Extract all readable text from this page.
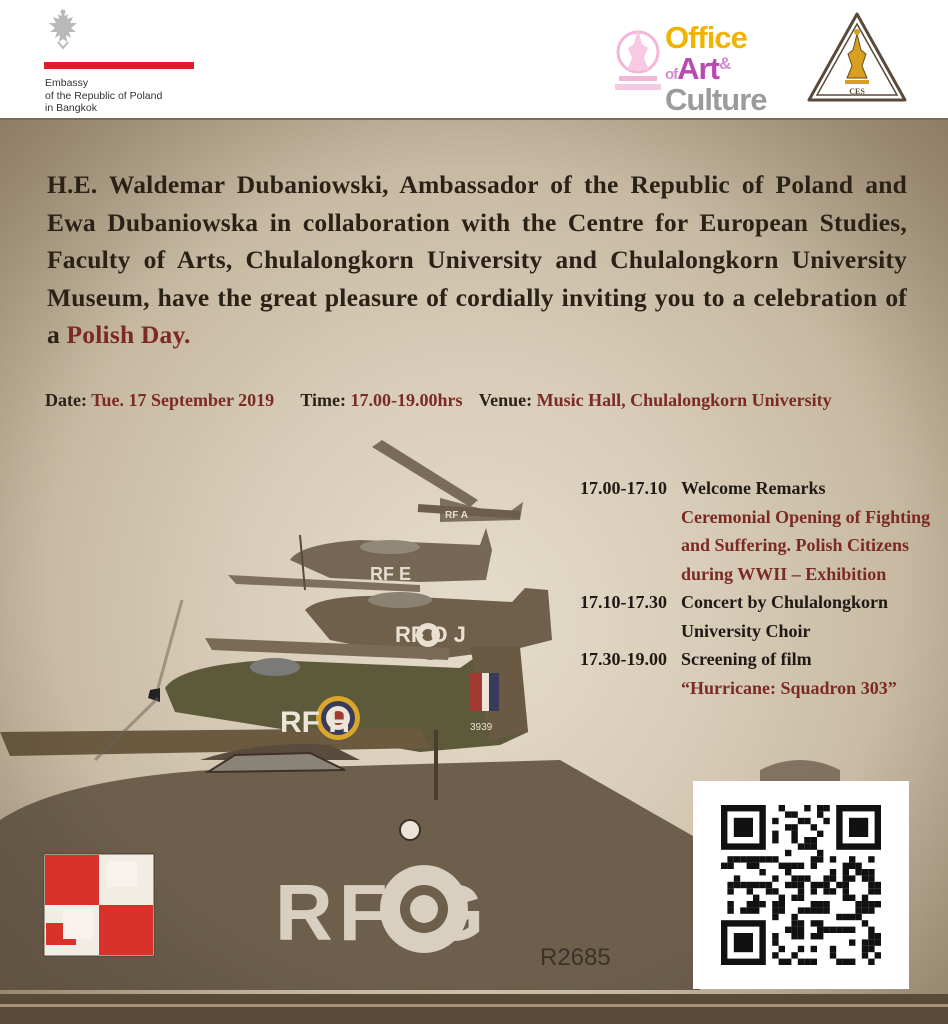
Embassy
of the Republic of Poland
in Bangkok
Office
ofArt&
Culture	CES
H.E. Waldemar Dubaniowski, Ambassador of the Republic of Poland and Ewa Dubaniowska in collaboration with the Centre for European Studies, Faculty of Arts, Chulalongkorn University and Chulalongkorn University Museum, have the great pleasure of cordially inviting you to a celebration of a Polish Day.
Date: Tue. 17 September 2019 Time: 17.00-19.00hrs Venue: Music Hall, Chulalongkorn University
17.00-17.10 Welcome Remarks
Ceremonial Opening of Fighting and Suffering. Polish Citizens during WWII – Exhibition
17.10-17.30 Concert by Chulalongkorn University Choir
17.30-19.00 Screening of film
“Hurricane: Squadron 303”
